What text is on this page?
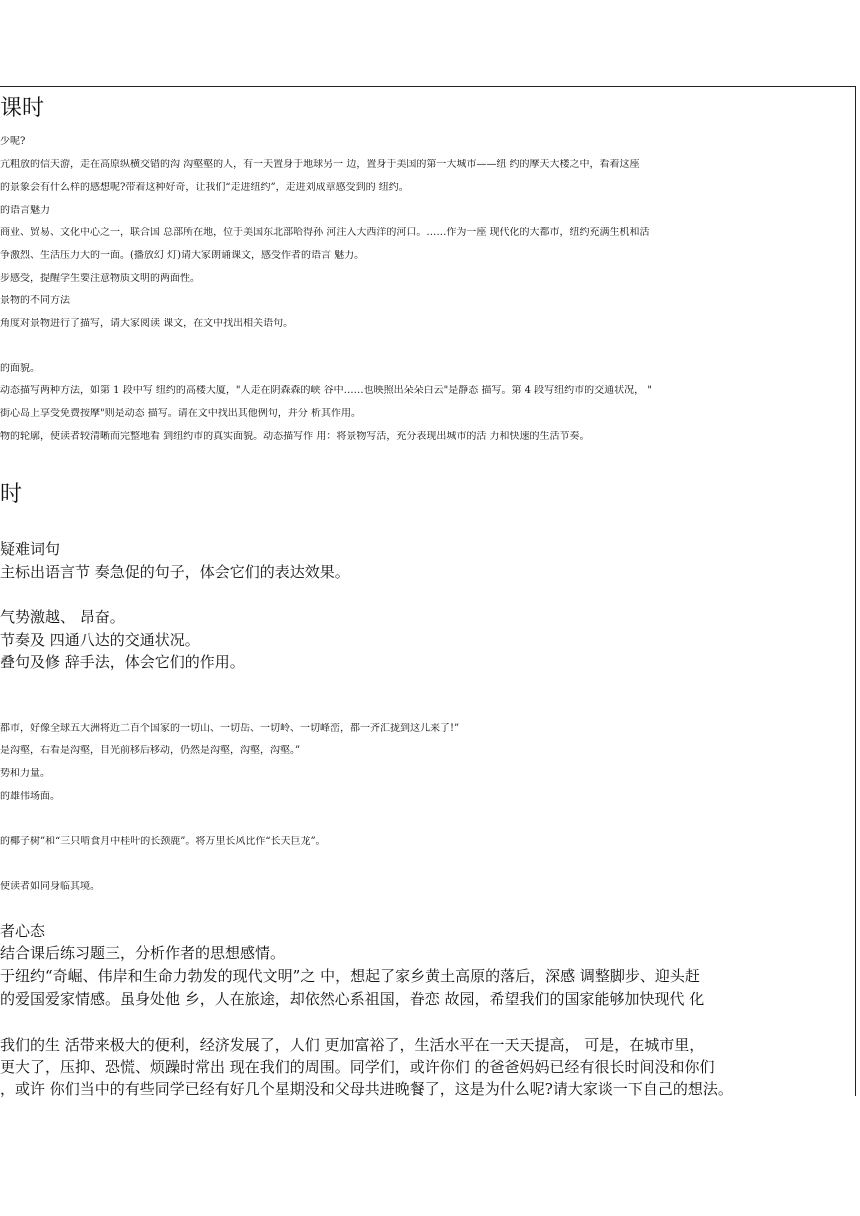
课时
少呢?
亢粗放的信天游，走在高原纵横交错的沟 沟壑壑的人，有一天置身于地球另一 边，置身于美国的第一大城市——纽 约的摩天大楼之中，看着这座
的景象会有什么样的感想呢?带着这种好奇，让我们“走进纽约”，走进刘成章感受到的 纽约。
的语言魅力
商业、贸易、文化中心之一，联合国 总部所在地，位于美国东北部哈得孙 河注入大西洋的河口。……作为一座 现代化的大都市，纽约充满生机和活
争激烈、生活压力大的一面。(播放幻 灯)请大家朗诵课文，感受作者的语言 魅力。
步感受，提醒学生要注意物质文明的两面性。
景物的不同方法
角度对景物进行了描写，请大家阅读 课文，在文中找出相关语句。
的面貌。
动态描写两种方法，如第 1 段中写 纽约的高楼大厦，"人走在阴森森的峡 谷中……也映照出朵朵白云"是静态 描写。第 4 段写纽约市的交通状况， "
街心岛上享受免费按摩"则是动态 描写。请在文中找出其他例句，并分 析其作用。
物的轮廓，使读者较清晰而完整地看 到纽约市的真实面貌。动态描写作 用：将景物写活，充分表现出城市的活 力和快速的生活节奏。
时
疑难词句
主标出语言节 奏急促的句子，体会它们的表达效果。
气势激越、 昂奋。
节奏及 四通八达的交通状况。
叠句及修 辞手法，体会它们的作用。
都市，好像全球五大洲将近二百个国家的一切山、一切岳、一切岭、一切峰峦，都一齐汇拢到这儿来了!”
是沟壑，右看是沟壑，目光前移后移动，仍然是沟壑，沟壑，沟壑。”
势和力量。
的雄伟场面。
的椰子树”和“三只啃食月中桂叶的长颈鹿”。将万里长风比作“长天巨龙”。
使读者如同身临其境。
者心态
结合课后练习题三，分析作者的思想感情。
于纽约“奇崛、伟岸和生命力勃发的现代文明”之 中，想起了家乡黄土高原的落后，深感 调整脚步、迎头赶
的爱国爱家情感。虽身处他 乡，人在旅途，却依然心系祖国，眷恋 故园，希望我们的国家能够加快现代 化
我们的生 活带来极大的便利，经济发展了，人们 更加富裕了，生活水平在一天天提高， 可是，在城市里，
更大了，压抑、恐慌、烦躁时常出 现在我们的周围。同学们，或许你们 的爸爸妈妈已经有很长时间没和你们
，或许 你们当中的有些同学已经有好几个星期没和父母共进晚餐了，这是为什么呢?请大家谈一下自己的想法。
